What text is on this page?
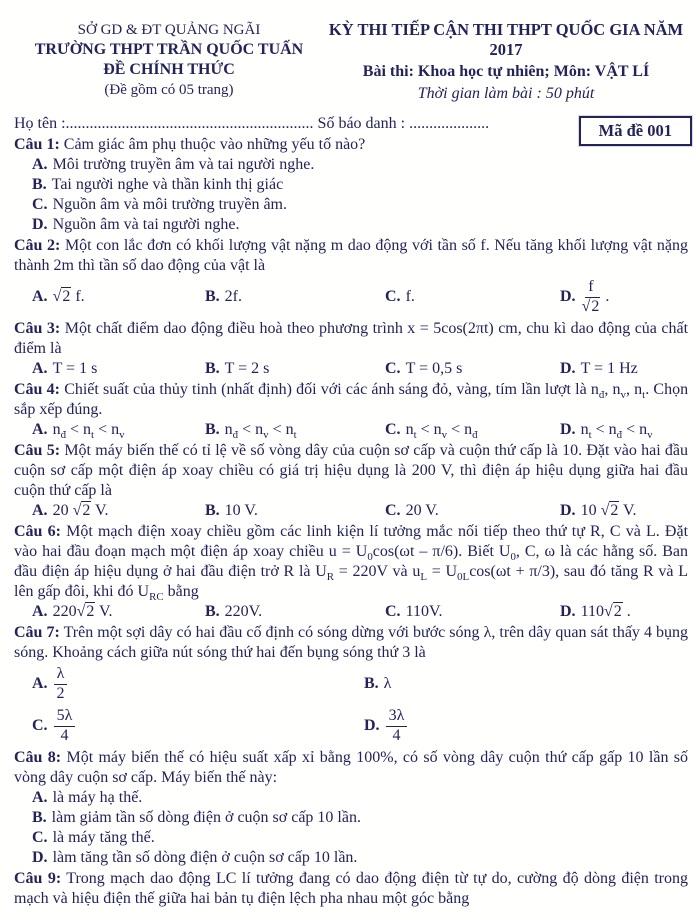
SỞ GD & ĐT QUẢNG NGÃI
TRƯỜNG THPT TRẦN QUỐC TUẤN
ĐỀ CHÍNH THỨC
(Đề gồm có 05 trang)
KỲ THI TIẾP CẬN THI THPT QUỐC GIA NĂM 2017
Bài thi: Khoa học tự nhiên; Môn: VẬT LÍ
Thời gian làm bài : 50 phút
Họ tên :.............................................................. Số báo danh : ....................	Mã đề 001

Câu 1: Cảm giác âm phụ thuộc vào những yếu tố nào?

A. Môi trường truyền âm và tai người nghe.
B. Tai người nghe và thần kinh thị giác
C. Nguồn âm và môi trường truyền âm.
D. Nguồn âm và tai người nghe.

Câu 2: Một con lắc đơn có khối lượng vật nặng m dao động với tần số f. Nếu tăng khối lượng vật nặng thành 2m thì tần số dao động của vật là

A. √2 f.	B. 2f.	C. f.	D. $\frac{f}{√2}$ .

Câu 3: Một chất điểm dao động điều hoà theo phương trình x = 5cos(2πt) cm, chu kì dao động của chất điểm là

A. T = 1 s	B. T = 2 s	C. T = 0,5 s	D. T = 1 Hz

Câu 4: Chiết suất của thủy tinh (nhất định) đối với các ánh sáng đỏ, vàng, tím lần lượt là $n_đ$, $n_v$, $n_t$. Chọn sắp xếp đúng.

A. $n_đ < n_t < n_v$	B. $n_đ < n_v < n_t$	C. $n_t < n_v < n_đ$	D. $n_t < n_đ < n_v$

Câu 5: Một máy biến thế có tỉ lệ về số vòng dây của cuộn sơ cấp và cuộn thứ cấp là 10. Đặt vào hai đầu cuộn sơ cấp một điện áp xoay chiều có giá trị hiệu dụng là 200 V, thì điện áp hiệu dụng giữa hai đầu cuộn thứ cấp là

A. 20 √2 V.	B. 10 V.	C. 20 V.	D. 10 √2 V.

Câu 6: Một mạch điện xoay chiều gồm các linh kiện lí tưởng mắc nối tiếp theo thứ tự R, C và L. Đặt vào hai đầu đoạn mạch một điện áp xoay chiều $u = U_0\cos(\omega t - \pi/6)$. Biết $U_0$, C, ω là các hằng số. Ban đầu điện áp hiệu dụng ở hai đầu điện trở R là $U_R = 220V$ và $u_L = U_{0L}\cos(\omega t + \pi/3)$, sau đó tăng R và L lên gấp đôi, khi đó $U_{RC}$ bằng

A. 220√2 V.	B. 220V.	C. 110V.	D. 110√2 .

Câu 7: Trên một sợi dây có hai đầu cố định có sóng dừng với bước sóng λ, trên dây quan sát thấy 4 bụng sóng. Khoảng cách giữa nút sóng thứ hai đến bụng sóng thứ 3 là

A. $\frac{\lambda}{2}$	B. λ
C. $\frac{5\lambda}{4}$	D. $\frac{3\lambda}{4}$

Câu 8: Một máy biến thế có hiệu suất xấp xỉ bằng 100%, có số vòng dây cuộn thứ cấp gấp 10 lần số vòng dây cuộn sơ cấp. Máy biến thế này:

A. là máy hạ thế.
B. làm giảm tần số dòng điện ở cuộn sơ cấp 10 lần.
C. là máy tăng thế.
D. làm tăng tần số dòng điện ở cuộn sơ cấp 10 lần.

Câu 9: Trong mạch dao động LC lí tưởng đang có dao động điện từ tự do, cường độ dòng điện trong mạch và hiệu điện thế giữa hai bản tụ điện lệch pha nhau một góc bằng
